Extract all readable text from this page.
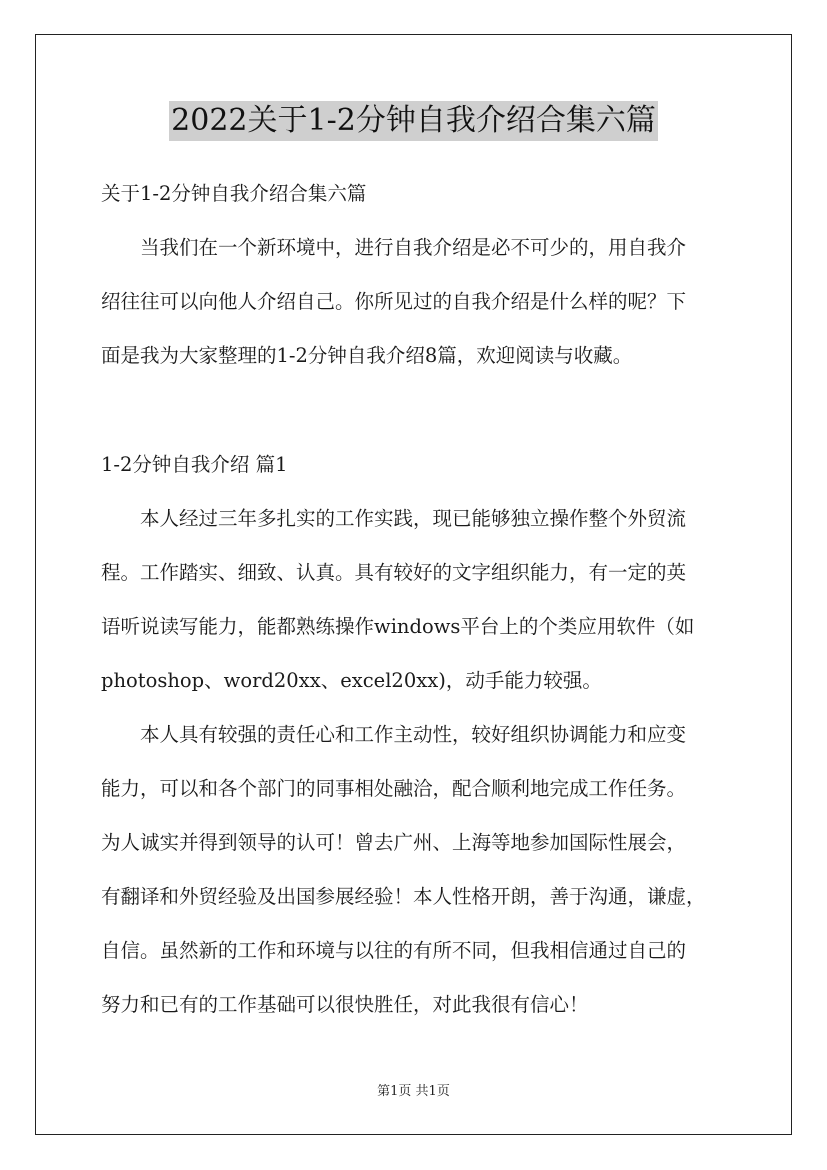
2022关于1-2分钟自我介绍合集六篇
关于1-2分钟自我介绍合集六篇
当我们在一个新环境中，进行自我介绍是必不可少的，用自我介
绍往往可以向他人介绍自己。你所见过的自我介绍是什么样的呢？下
面是我为大家整理的1-2分钟自我介绍8篇，欢迎阅读与收藏。
1-2分钟自我介绍 篇1
本人经过三年多扎实的工作实践，现已能够独立操作整个外贸流
程。工作踏实、细致、认真。具有较好的文字组织能力，有一定的英
语听说读写能力，能都熟练操作windows平台上的个类应用软件（如
photoshop、word20xx、excel20xx)，动手能力较强。
本人具有较强的责任心和工作主动性，较好组织协调能力和应变
能力，可以和各个部门的同事相处融洽，配合顺利地完成工作任务。
为人诚实并得到领导的认可！曾去广州、上海等地参加国际性展会，
有翻译和外贸经验及出国参展经验！本人性格开朗，善于沟通，谦虚，
自信。虽然新的工作和环境与以往的有所不同，但我相信通过自己的
努力和已有的工作基础可以很快胜任，对此我很有信心！
第1页 共1页
